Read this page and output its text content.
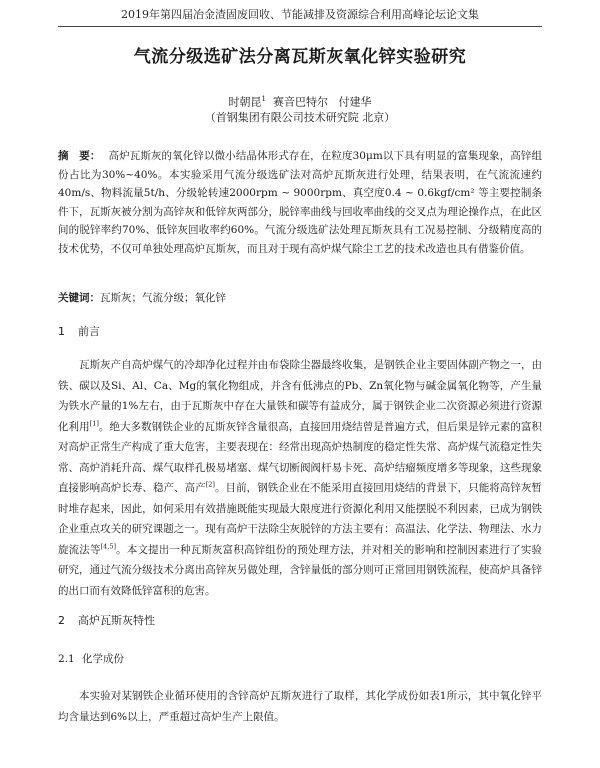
2019年第四届冶金渣固废回收、节能减排及资源综合利用高峰论坛论文集
气流分级选矿法分离瓦斯灰氧化锌实验研究
时朝昆$^1$  赛音巴特尔   付建华
（首钢集团有限公司技术研究院 北京）
摘　要： 高炉瓦斯灰的氧化锌以微小结晶体形式存在，在粒度30μm以下具有明显的富集现象，高锌组份占比为30%~40%。本实验采用气流分级选矿法对高炉瓦斯灰进行处理，结果表明，在气流流速约40m/s、物料流量5t/h、分级轮转速2000rpm ~ 9000rpm、真空度0.4 ~ 0.6kgf/cm² 等主要控制条件下，瓦斯灰被分割为高锌灰和低锌灰两部分，脱锌率曲线与回收率曲线的交叉点为理论操作点，在此区间的脱锌率约70%、低锌灰回收率约60%。气流分级选矿法处理瓦斯灰具有工况易控制、分级精度高的技术优势，不仅可单独处理高炉瓦斯灰，而且对于现有高炉煤气除尘工艺的技术改造也具有借鉴价值。
关键词：瓦斯灰；气流分级；氧化锌
1 前言
瓦斯灰产自高炉煤气的冷却净化过程并由布袋除尘器最终收集，是钢铁企业主要固体副产物之一，由铁、碳以及Si、Al、Ca、Mg的氧化物组成，并含有低沸点的Pb、Zn氧化物与碱金属氧化物等，产生量为铁水产量的1%左右，由于瓦斯灰中存在大量铁和碳等有益成分，属于钢铁企业二次资源必须进行资源化利用[1]。绝大多数钢铁企业的瓦斯灰锌含量很高，直接回用烧结曾是普遍方式，但后果是锌元素的富积对高炉正常生产构成了重大危害，主要表现在：经常出现高炉热制度的稳定性失常、高炉煤气流稳定性失常、高炉消耗升高、煤气取样孔极易堵塞、煤气切断阀阀杆易卡死、高炉结瘤频度增多等现象，这些现象直接影响高炉长寿、稳产、高产[2]。目前，钢铁企业在不能采用直接回用烧结的背景下，只能将高锌灰暂时堆存起来，因此，如何采用有效措施既能实现最大限度进行资源化利用又能摆脱不利因素，已成为钢铁企业重点攻关的研究课题之一。现有高炉干法除尘灰脱锌的方法主要有：高温法、化学法、物理法、水力旋流法等[4,5]。本文提出一种瓦斯灰富积高锌组份的预处理方法，并对相关的影响和控制因素进行了实验研究，通过气流分级技术分离出高锌灰另做处理，含锌量低的部分则可正常回用钢铁流程，使高炉具备锌的出口而有效降低锌富积的危害。
2 高炉瓦斯灰特性
2.1 化学成份
本实验对某钢铁企业循环使用的含锌高炉瓦斯灰进行了取样，其化学成份如表1所示，其中氧化锌平均含量达到6%以上，严重超过高炉生产上限值。
